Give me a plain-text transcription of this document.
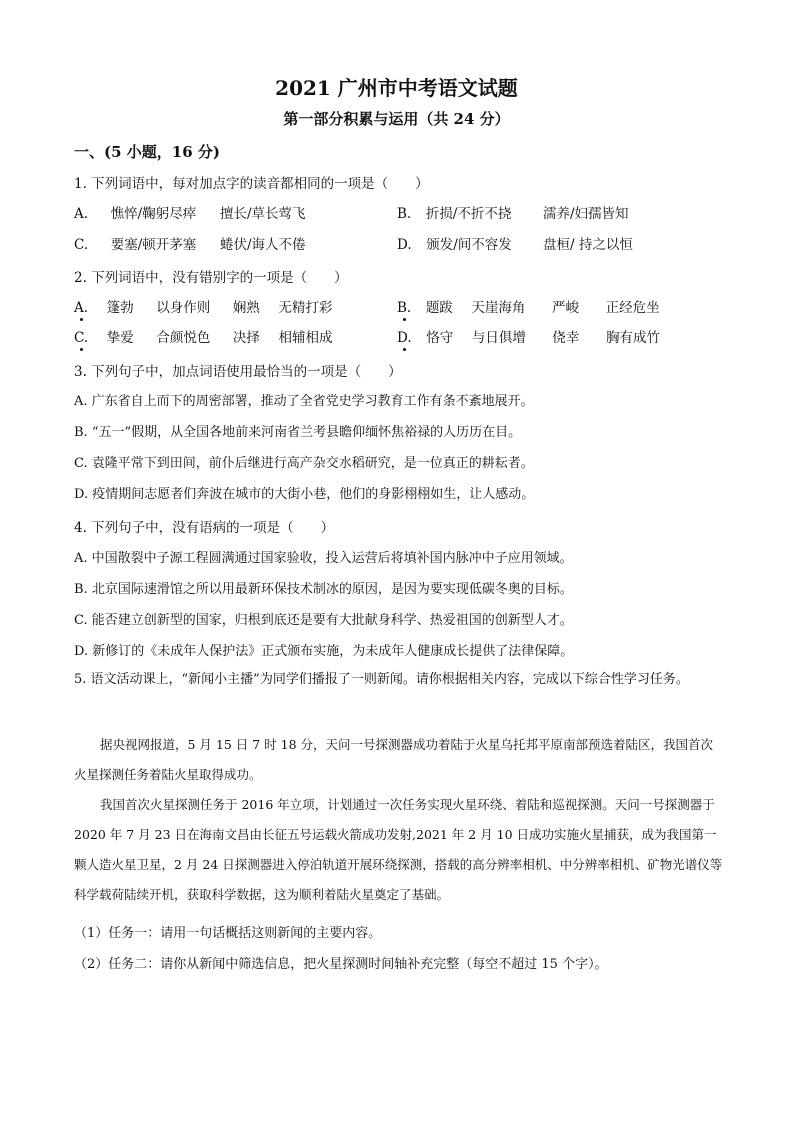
2021 广州市中考语文试题
第一部分积累与运用（共 24 分）
一、(5 小题，16 分)
1. 下列词语中，每对加点字的读音都相同的一项是（　　）
A. 憔悴/鞠躬尽瘁 擅长/草长莺飞	B. 折损/不折不挠 濡养/妇孺皆知
C. 要塞/顿开茅塞 蜷伏/诲人不倦	D. 颁发/间不容发 盘桓/ 持之以恒
2. 下列词语中，没有错别字的一项是（　　）
A. 篷勃 以身作则 娴熟 无精打彩	B. 题跋 天崖海角 严峻 正经危坐
C. 挚爱 合颜悦色 决择 相辅相成	D. 恪守 与日俱增 侥幸 胸有成竹
3. 下列句子中，加点词语使用最恰当的一项是（　　）
A. 广东省自上而下的周密部署，推动了全省党史学习教育工作有条不紊地展开。
B. “五一”假期，从全国各地前来河南省兰考县瞻仰缅怀焦裕禄的人历历在目。
C. 袁隆平常下到田间，前仆后继进行高产杂交水稻研究，是一位真正的耕耘者。
D. 疫情期间志愿者们奔波在城市的大街小巷，他们的身影栩栩如生，让人感动。
4. 下列句子中，没有语病的一项是（　　）
A. 中国散裂中子源工程圆满通过国家验收，投入运营后将填补国内脉冲中子应用领域。
B. 北京国际速滑馆之所以用最新环保技术制冰的原因，是因为要实现低碳冬奥的目标。
C. 能否建立创新型的国家，归根到底还是要有大批献身科学、热爱祖国的创新型人才。
D. 新修订的《未成年人保护法》正式颁布实施，为未成年人健康成长提供了法律保障。
5. 语文活动课上，“新闻小主播”为同学们播报了一则新闻。请你根据相关内容，完成以下综合性学习任务。
据央视网报道，5 月 15 日 7 时 18 分，天问一号探测器成功着陆于火星乌托邦平原南部预选着陆区，我国首次火星探测任务着陆火星取得成功。
我国首次火星探测任务于 2016 年立项，计划通过一次任务实现火星环绕、着陆和巡视探测。天问一号探测器于 2020 年 7 月 23 日在海南文昌由长征五号运载火箭成功发射,2021 年 2 月 10 日成功实施火星捕获，成为我国第一颗人造火星卫星，2 月 24 日探测器进入停泊轨道开展环绕探测，搭载的高分辨率相机、中分辨率相机、矿物光谱仪等科学载荷陆续开机，获取科学数据，这为顺利着陆火星奠定了基础。
（1）任务一：请用一句话概括这则新闻的主要内容。
（2）任务二：请你从新闻中筛选信息，把火星探测时间轴补充完整（每空不超过 15 个字）。
